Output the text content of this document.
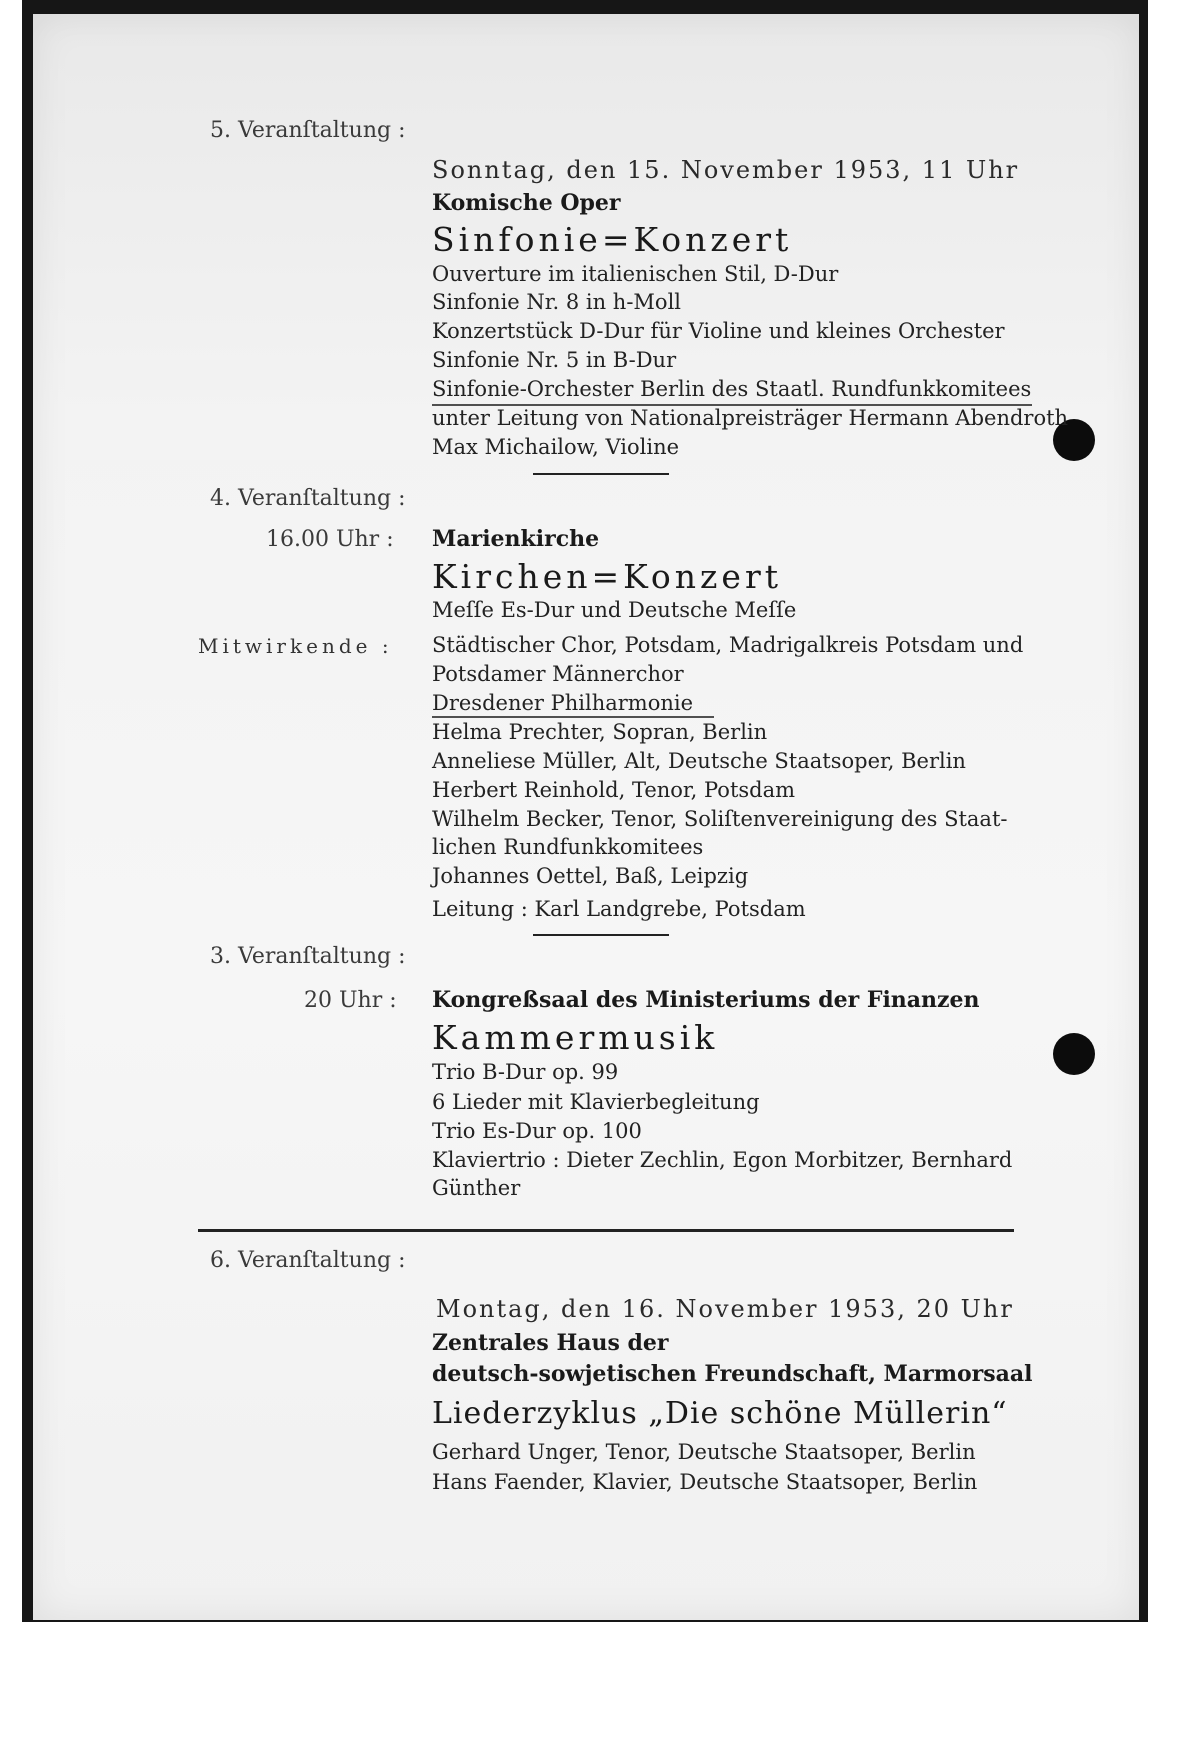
5. Veranſtaltung :
Sonntag, den 15. November 1953, 11 Uhr
Komische Oper
Sinfonie=Konzert
Ouverture im italienischen Stil, D-Dur
Sinfonie Nr. 8 in h-Moll
Konzertstück D-Dur für Violine und kleines Orchester
Sinfonie Nr. 5 in B-Dur
Sinfonie-Orchester Berlin des Staatl. Rundfunkkomitees
unter Leitung von Nationalpreisträger Hermann Abendroth
Max Michailow, Violine
4. Veranſtaltung :
16.00 Uhr : Marienkirche
Kirchen=Konzert
Meſſe Es-Dur und Deutsche Meſſe
Mitwirkende : Städtischer Chor, Potsdam, Madrigalkreis Potsdam und
Potsdamer Männerchor
Dresdener Philharmonie
Helma Prechter, Sopran, Berlin
Anneliese Müller, Alt, Deutsche Staatsoper, Berlin
Herbert Reinhold, Tenor, Potsdam
Wilhelm Becker, Tenor, Soliſtenvereinigung des Staat-
lichen Rundfunkkomitees
Johannes Oettel, Baß, Leipzig
Leitung : Karl Landgrebe, Potsdam
3. Veranſtaltung :
20 Uhr : Kongreßsaal des Ministeriums der Finanzen
Kammermusik
Trio B-Dur op. 99
6 Lieder mit Klavierbegleitung
Trio Es-Dur op. 100
Klaviertrio : Dieter Zechlin, Egon Morbitzer, Bernhard
Günther
6. Veranſtaltung :
Montag, den 16. November 1953, 20 Uhr
Zentrales Haus der
deutsch-sowjetischen Freundschaft, Marmorsaal
Liederzyklus „Die schöne Müllerin“
Gerhard Unger, Tenor, Deutsche Staatsoper, Berlin
Hans Faender, Klavier, Deutsche Staatsoper, Berlin
